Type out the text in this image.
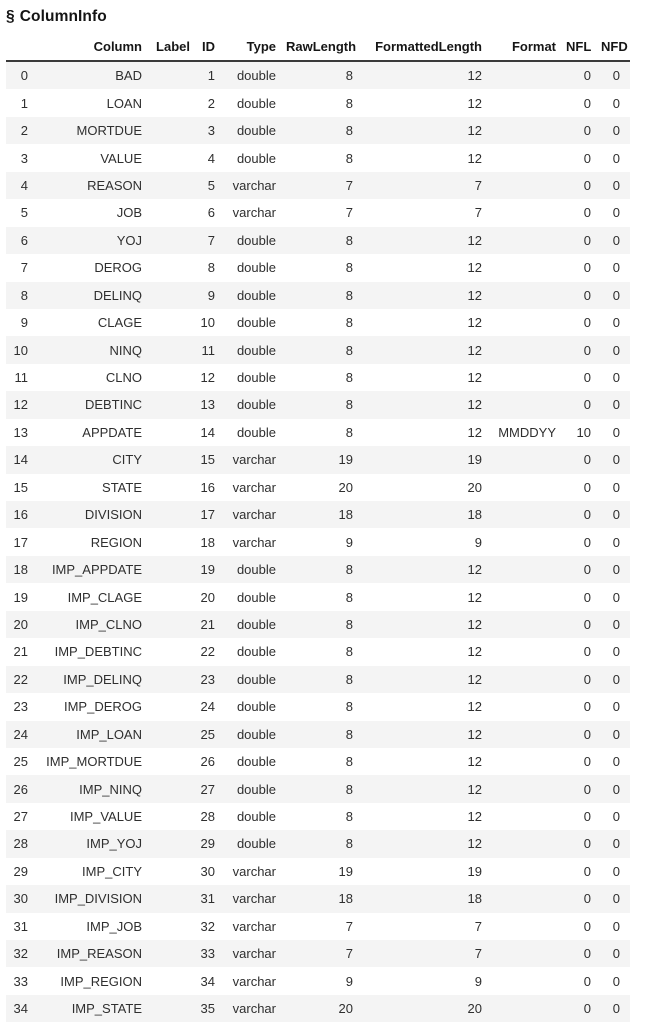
§ ColumnInfo
	Column	Label	ID	Type	RawLength	FormattedLength	Format	NFL	NFD
0	BAD		1	double	8	12		0	0
1	LOAN		2	double	8	12		0	0
2	MORTDUE		3	double	8	12		0	0
3	VALUE		4	double	8	12		0	0
4	REASON		5	varchar	7	7		0	0
5	JOB		6	varchar	7	7		0	0
6	YOJ		7	double	8	12		0	0
7	DEROG		8	double	8	12		0	0
8	DELINQ		9	double	8	12		0	0
9	CLAGE		10	double	8	12		0	0
10	NINQ		11	double	8	12		0	0
11	CLNO		12	double	8	12		0	0
12	DEBTINC		13	double	8	12		0	0
13	APPDATE		14	double	8	12	MMDDYY	10	0
14	CITY		15	varchar	19	19		0	0
15	STATE		16	varchar	20	20		0	0
16	DIVISION		17	varchar	18	18		0	0
17	REGION		18	varchar	9	9		0	0
18	IMP_APPDATE		19	double	8	12		0	0
19	IMP_CLAGE		20	double	8	12		0	0
20	IMP_CLNO		21	double	8	12		0	0
21	IMP_DEBTINC		22	double	8	12		0	0
22	IMP_DELINQ		23	double	8	12		0	0
23	IMP_DEROG		24	double	8	12		0	0
24	IMP_LOAN		25	double	8	12		0	0
25	IMP_MORTDUE		26	double	8	12		0	0
26	IMP_NINQ		27	double	8	12		0	0
27	IMP_VALUE		28	double	8	12		0	0
28	IMP_YOJ		29	double	8	12		0	0
29	IMP_CITY		30	varchar	19	19		0	0
30	IMP_DIVISION		31	varchar	18	18		0	0
31	IMP_JOB		32	varchar	7	7		0	0
32	IMP_REASON		33	varchar	7	7		0	0
33	IMP_REGION		34	varchar	9	9		0	0
34	IMP_STATE		35	varchar	20	20		0	0
